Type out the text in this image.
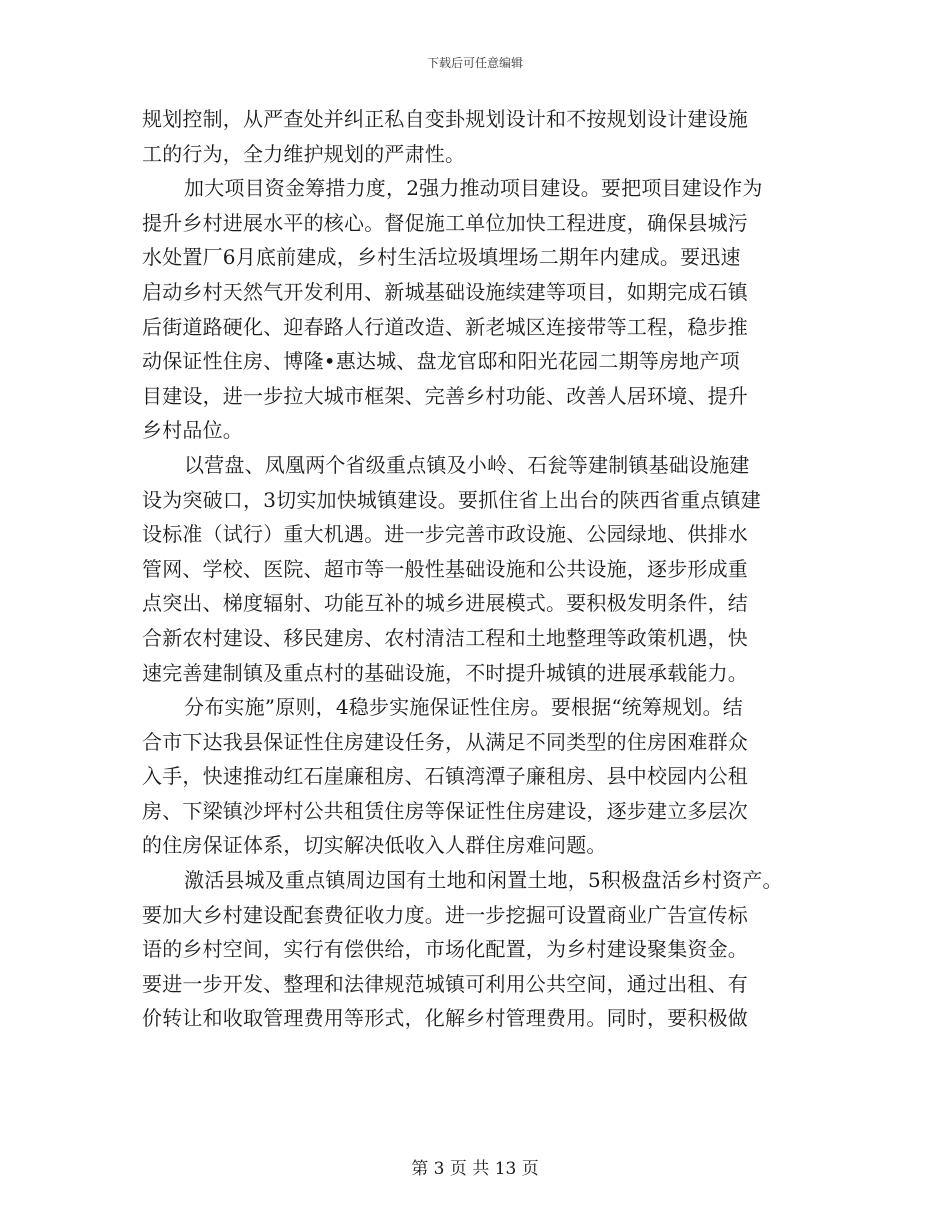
下载后可任意编辑
规划控制，从严查处并纠正私自变卦规划设计和不按规划设计建设施
工的行为，全力维护规划的严肃性。
加大项目资金筹措力度，2强力推动项目建设。要把项目建设作为
提升乡村进展水平的核心。督促施工单位加快工程进度，确保县城污
水处置厂6月底前建成，乡村生活垃圾填埋场二期年内建成。要迅速
启动乡村天然气开发利用、新城基础设施续建等项目，如期完成石镇
后街道路硬化、迎春路人行道改造、新老城区连接带等工程，稳步推
动保证性住房、博隆•惠达城、盘龙官邸和阳光花园二期等房地产项
目建设，进一步拉大城市框架、完善乡村功能、改善人居环境、提升
乡村品位。
以营盘、凤凰两个省级重点镇及小岭、石瓮等建制镇基础设施建
设为突破口，3切实加快城镇建设。要抓住省上出台的陕西省重点镇建
设标准（试行）重大机遇。进一步完善市政设施、公园绿地、供排水
管网、学校、医院、超市等一般性基础设施和公共设施，逐步形成重
点突出、梯度辐射、功能互补的城乡进展模式。要积极发明条件，结
合新农村建设、移民建房、农村清洁工程和土地整理等政策机遇，快
速完善建制镇及重点村的基础设施，不时提升城镇的进展承载能力。
分布实施”原则，4稳步实施保证性住房。要根据“统筹规划。结
合市下达我县保证性住房建设任务，从满足不同类型的住房困难群众
入手，快速推动红石崖廉租房、石镇湾潭子廉租房、县中校园内公租
房、下梁镇沙坪村公共租赁住房等保证性住房建设，逐步建立多层次
的住房保证体系，切实解决低收入人群住房难问题。
激活县城及重点镇周边国有土地和闲置土地，5积极盘活乡村资产。
要加大乡村建设配套费征收力度。进一步挖掘可设置商业广告宣传标
语的乡村空间，实行有偿供给，市场化配置，为乡村建设聚集资金。
要进一步开发、整理和法律规范城镇可利用公共空间，通过出租、有
价转让和收取管理费用等形式，化解乡村管理费用。同时，要积极做
第 3 页 共 13 页
